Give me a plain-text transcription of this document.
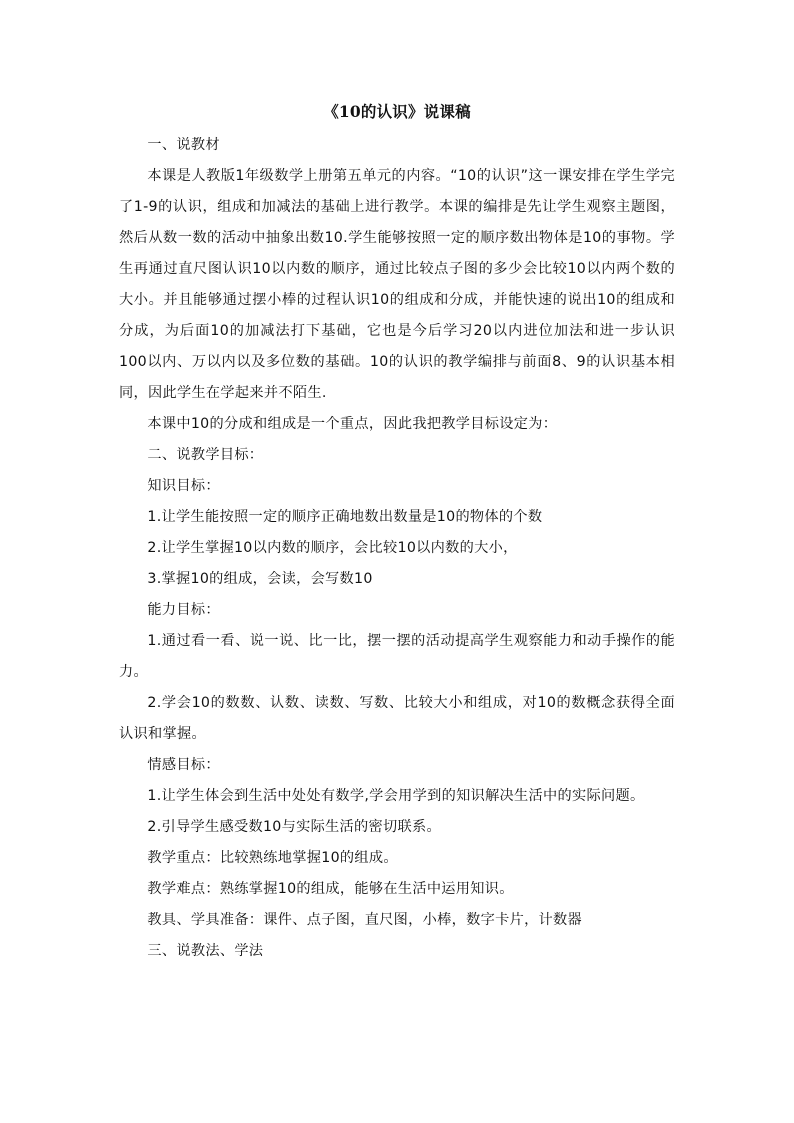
《10的认识》说课稿

一、说教材

本课是人教版1年级数学上册第五单元的内容。“10的认识”这一课安排在学生学完了1-9的认识，组成和加减法的基础上进行教学。本课的编排是先让学生观察主题图，然后从数一数的活动中抽象出数10.学生能够按照一定的顺序数出物体是10的事物。学生再通过直尺图认识10以内数的顺序，通过比较点子图的多少会比较10以内两个数的大小。并且能够通过摆小棒的过程认识10的组成和分成，并能快速的说出10的组成和分成，为后面10的加减法打下基础，它也是今后学习20以内进位加法和进一步认识100以内、万以内以及多位数的基础。10的认识的教学编排与前面8、9的认识基本相同，因此学生在学起来并不陌生.

本课中10的分成和组成是一个重点，因此我把教学目标设定为：

二、说教学目标：

知识目标：

1.让学生能按照一定的顺序正确地数出数量是10的物体的个数

2.让学生掌握10以内数的顺序，会比较10以内数的大小，

3.掌握10的组成，会读，会写数10

能力目标：

1.通过看一看、说一说、比一比，摆一摆的活动提高学生观察能力和动手操作的能力。

2.学会10的数数、认数、读数、写数、比较大小和组成，对10的数概念获得全面认识和掌握。

情感目标：

1.让学生体会到生活中处处有数学,学会用学到的知识解决生活中的实际问题。

2.引导学生感受数10与实际生活的密切联系。

教学重点：比较熟练地掌握10的组成。

教学难点：熟练掌握10的组成，能够在生活中运用知识。

教具、学具准备：课件、点子图，直尺图，小棒，数字卡片，计数器

三、说教法、学法
